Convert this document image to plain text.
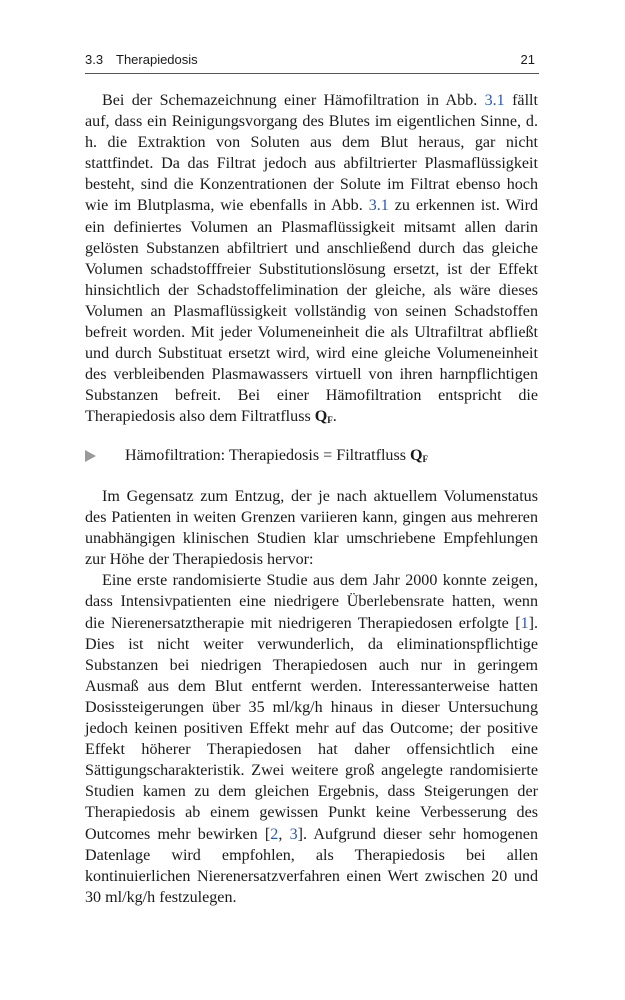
3.3 Therapiedosis	21

Bei der Schemazeichnung einer Hämofiltration in Abb. 3.1 fällt auf, dass ein Reinigungsvorgang des Blutes im eigentlichen Sinne, d. h. die Extraktion von Soluten aus dem Blut heraus, gar nicht stattfindet. Da das Filtrat jedoch aus abfiltrierter Plasmaflüssigkeit besteht, sind die Konzentrationen der Solute im Filtrat ebenso hoch wie im Blutplasma, wie ebenfalls in Abb. 3.1 zu erkennen ist. Wird ein definiertes Volumen an Plasmaflüssigkeit mitsamt allen darin gelösten Substanzen abfiltriert und anschließend durch das gleiche Volumen schadstofffreier Substitutionslösung ersetzt, ist der Effekt hinsichtlich der Schadstoffelimination der gleiche, als wäre dieses Volumen an Plasmaflüssigkeit vollständig von seinen Schadstoffen befreit worden. Mit jeder Volumeneinheit die als Ultrafiltrat abfließt und durch Substituat ersetzt wird, wird eine gleiche Volumeneinheit des verbleibenden Plasmawassers virtuell von ihren harnpflichtigen Substanzen befreit. Bei einer Hämofiltration entspricht die Therapiedosis also dem Filtratfluss $Q_F$.

Hämofiltration: Therapiedosis = Filtratfluss $Q_F$

Im Gegensatz zum Entzug, der je nach aktuellem Volumenstatus des Patienten in weiten Grenzen variieren kann, gingen aus mehreren unabhängigen klinischen Studien klar umschriebene Empfehlungen zur Höhe der Therapiedosis hervor:

Eine erste randomisierte Studie aus dem Jahr 2000 konnte zeigen, dass Intensivpatienten eine niedrigere Überlebensrate hatten, wenn die Nierenersatztherapie mit niedrigeren Therapiedosen erfolgte [1]. Dies ist nicht weiter verwunderlich, da eliminationspflichtige Substanzen bei niedrigen Therapiedosen auch nur in geringem Ausmaß aus dem Blut entfernt werden. Interessanterweise hatten Dosissteigerungen über 35 ml/kg/h hinaus in dieser Untersuchung jedoch keinen positiven Effekt mehr auf das Outcome; der positive Effekt höherer Therapiedosen hat daher offensichtlich eine Sättigungscharakteristik. Zwei weitere groß angelegte randomisierte Studien kamen zu dem gleichen Ergebnis, dass Steigerungen der Therapiedosis ab einem gewissen Punkt keine Verbesserung des Outcomes mehr bewirken [2, 3]. Aufgrund dieser sehr homogenen Datenlage wird empfohlen, als Therapiedosis bei allen kontinuierlichen Nierenersatzverfahren einen Wert zwischen 20 und 30 ml/kg/h festzulegen.
